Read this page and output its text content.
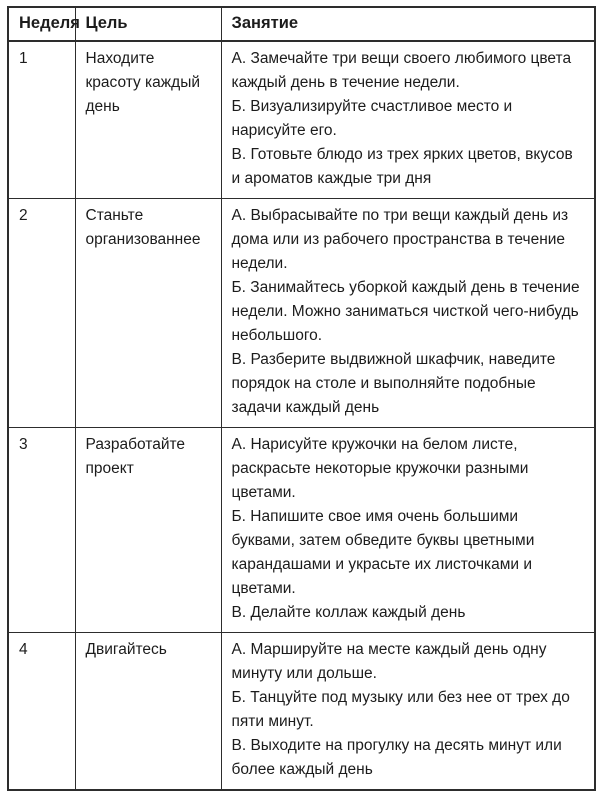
Неделя	Цель	Занятие
1	Находите красоту каждый день	А. Замечайте три вещи своего любимого цвета каждый день в течение недели.
Б. Визуализируйте счастливое место и нарисуйте его.
В. Готовьте блюдо из трех ярких цветов, вкусов и ароматов каждые три дня

2	Станьте организованнее	А. Выбрасывайте по три вещи каждый день из дома или из рабочего пространства в течение недели.
Б. Занимайтесь уборкой каждый день в течение недели. Можно заниматься чисткой чего-нибудь небольшого.
В. Разберите выдвижной шкафчик, наведите порядок на столе и выполняйте подобные задачи каждый день

3	Разработайте проект	А. Нарисуйте кружочки на белом листе, раскрасьте некоторые кружочки разными цветами.
Б. Напишите свое имя очень большими буквами, затем обведите буквы цветными карандашами и украсьте их листочками и цветами.
В. Делайте коллаж каждый день

4	Двигайтесь	А. Маршируйте на месте каждый день одну минуту или дольше.
Б. Танцуйте под музыку или без нее от трех до пяти минут.
В. Выходите на прогулку на десять минут или более каждый день
